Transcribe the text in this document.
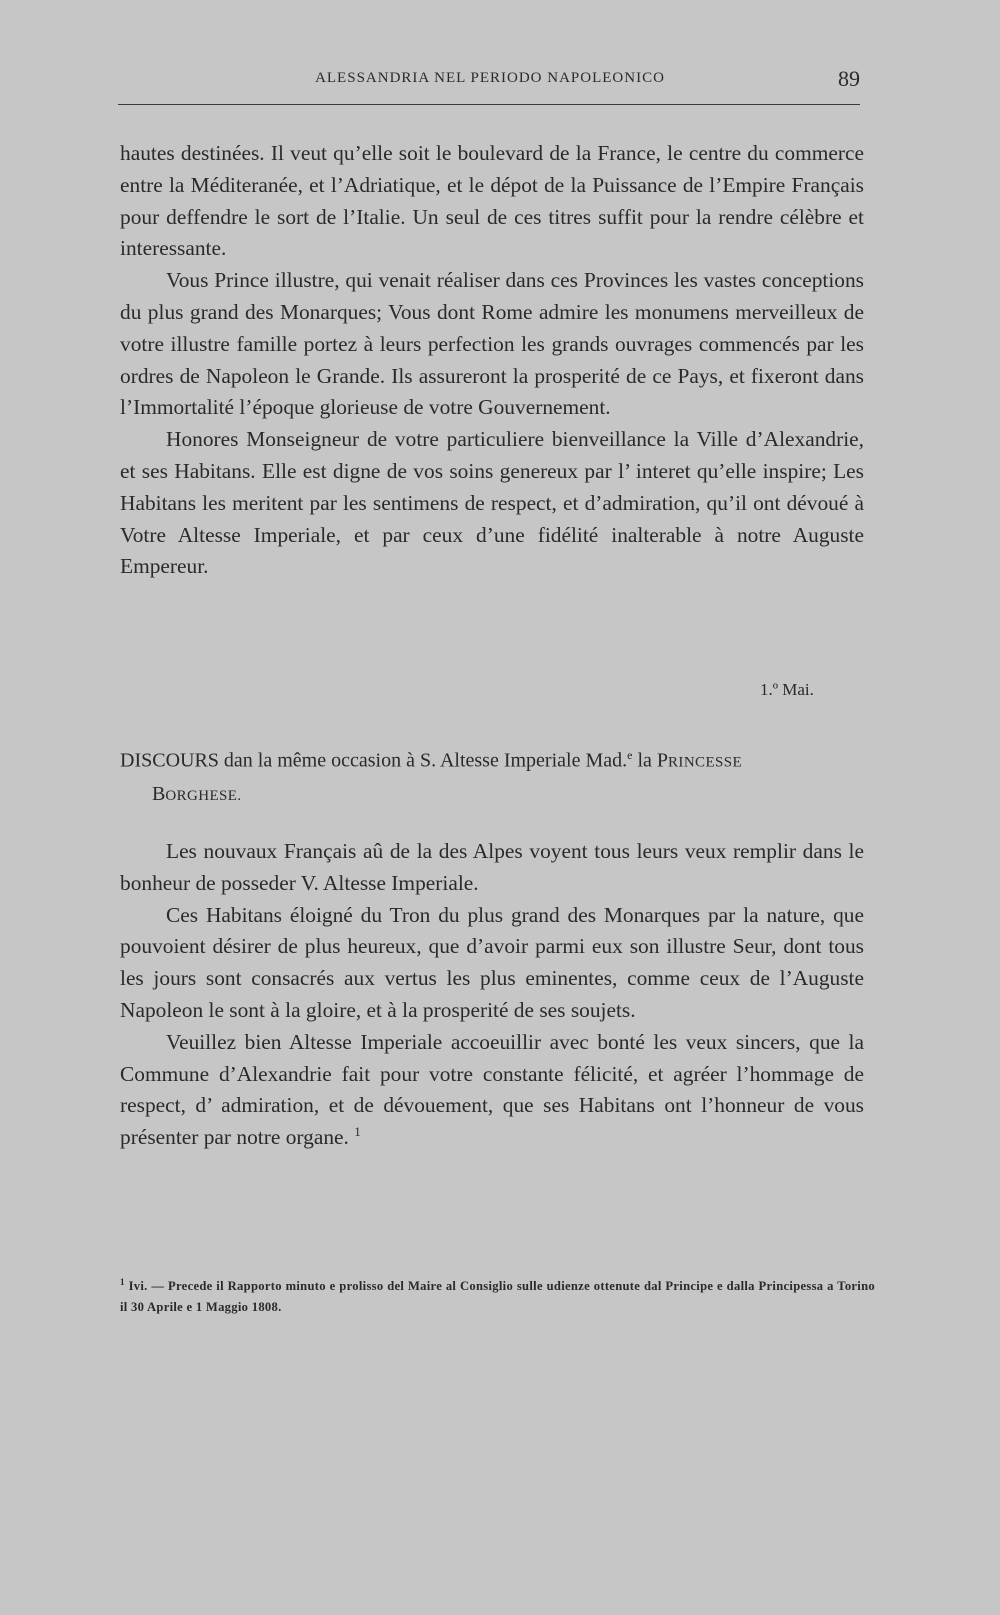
ALESSANDRIA NEL PERIODO NAPOLEONICO	89

hautes destinées. Il veut qu’elle soit le boulevard de la France, le centre du commerce entre la Méditeranée, et l’Adriatique, et le dépot de la Puissance de l’Empire Français pour deffendre le sort de l’Italie. Un seul de ces titres suffit pour la rendre célèbre et interessante.

Vous Prince illustre, qui venait réaliser dans ces Provinces les vastes conceptions du plus grand des Monarques; Vous dont Rome admire les monumens merveilleux de votre illustre famille portez à leurs perfection les grands ouvrages commencés par les ordres de Napoleon le Grande. Ils assureront la prosperité de ce Pays, et fixeront dans l’Immortalité l’époque glorieuse de votre Gouvernement.

Honores Monseigneur de votre particuliere bienveillance la Ville d’Alexandrie, et ses Habitans. Elle est digne de vos soins genereux par l’ interet qu’elle inspire; Les Habitans les meritent par les sentimens de respect, et d’admiration, qu’il ont dévoué à Votre Altesse Imperiale, et par ceux d’une fidélité inalterable à notre Auguste Empereur.

1.º Mai.
DISCOURS dan la même occasion à S. Altesse Imperiale Mad.$^e$ la PRINCESSE
BORGHESE.

Les nouvaux Français aû de la des Alpes voyent tous leurs veux remplir dans le bonheur de posseder V. Altesse Imperiale.

Ces Habitans éloigné du Tron du plus grand des Monarques par la nature, que pouvoient désirer de plus heureux, que d’avoir parmi eux son illustre Seur, dont tous les jours sont consacrés aux vertus les plus eminentes, comme ceux de l’Auguste Napoleon le sont à la gloire, et à la prosperité de ses soujets.

Veuillez bien Altesse Imperiale accoeuillir avec bonté les veux sincers, que la Commune d’Alexandrie fait pour votre constante félicité, et agréer l’hommage de respect, d’ admiration, et de dévouement, que ses Habitans ont l’honneur de vous présenter par notre organe. $^1$

$^1$ Ivi. — Precede il Rapporto minuto e prolisso del Maire al Consiglio sulle udienze ottenute dal Principe e dalla Principessa a Torino il 30 Aprile e 1 Maggio 1808.
